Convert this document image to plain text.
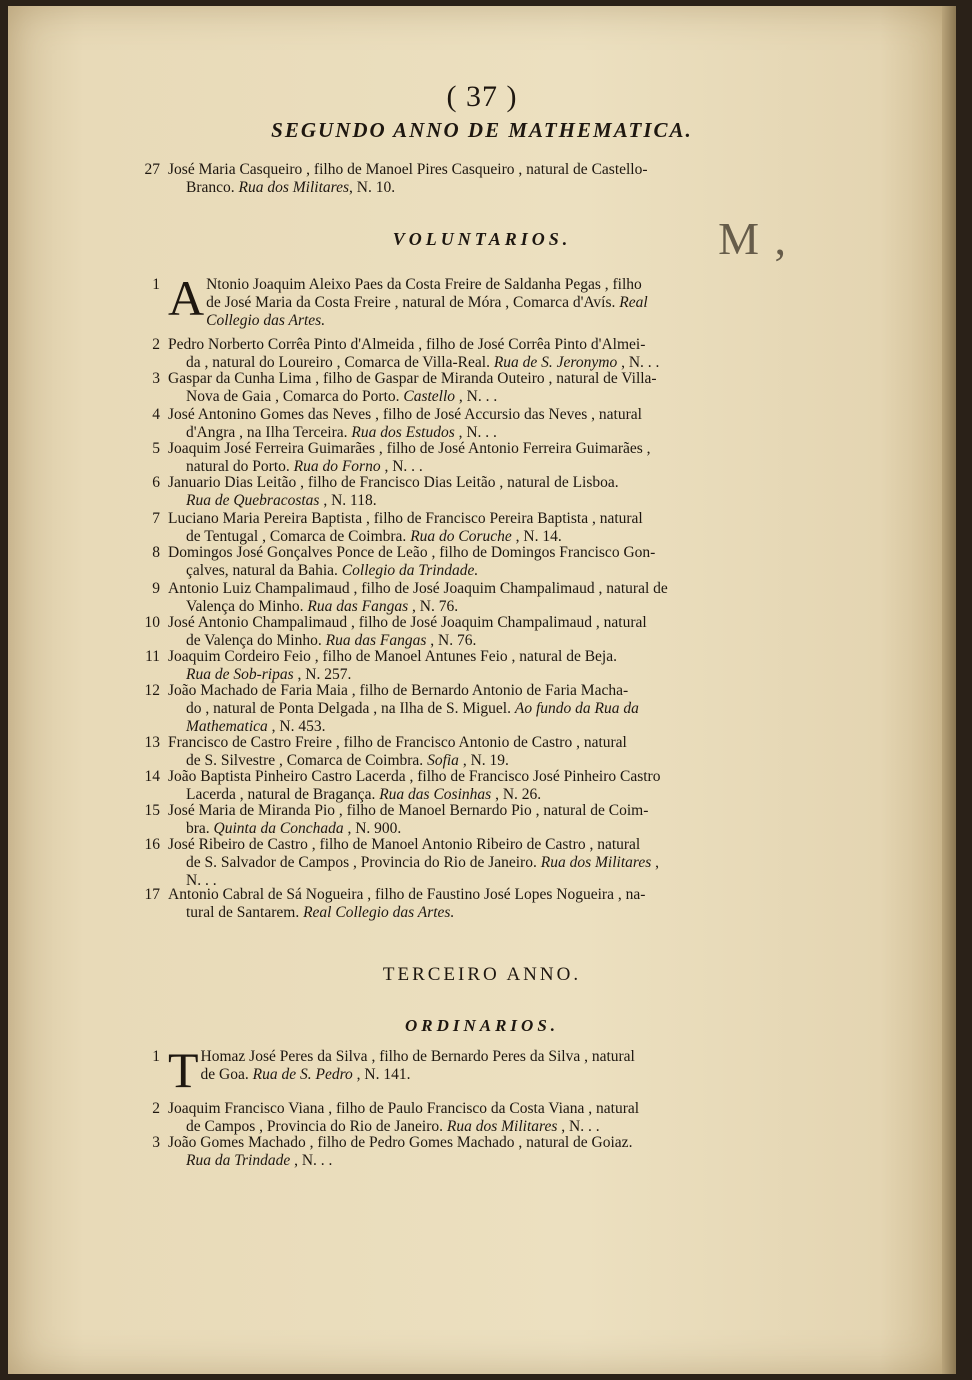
( 37 )
SEGUNDO ANNO DE MATHEMATICA.
27 José Maria Casqueiro , filho de Manoel Pires Casqueiro , natural de Castello-
Branco. Rua dos Militares, N. 10.
M ,
VOLUNTARIOS.
1 A Ntonio Joaquim Aleixo Paes da Costa Freire de Saldanha Pegas , filho
de José Maria da Costa Freire , natural de Móra , Comarca d'Avís. Real
Collegio das Artes.
2 Pedro Norberto Corrêa Pinto d'Almeida , filho de José Corrêa Pinto d'Almei-
da , natural do Loureiro , Comarca de Villa-Real. Rua de S. Jeronymo , N. . .
3 Gaspar da Cunha Lima , filho de Gaspar de Miranda Outeiro , natural de Villa-
Nova de Gaia , Comarca do Porto. Castello , N. . .
4 José Antonino Gomes das Neves , filho de José Accursio das Neves , natural
d'Angra , na Ilha Terceira. Rua dos Estudos , N. . .
5 Joaquim José Ferreira Guimarães , filho de José Antonio Ferreira Guimarães ,
natural do Porto. Rua do Forno , N. . .
6 Januario Dias Leitão , filho de Francisco Dias Leitão , natural de Lisboa.
Rua de Quebracostas , N. 118.
7 Luciano Maria Pereira Baptista , filho de Francisco Pereira Baptista , natural
de Tentugal , Comarca de Coimbra. Rua do Coruche , N. 14.
8 Domingos José Gonçalves Ponce de Leão , filho de Domingos Francisco Gon-
çalves, natural da Bahia. Collegio da Trindade.
9 Antonio Luiz Champalimaud , filho de José Joaquim Champalimaud , natural de
Valença do Minho. Rua das Fangas , N. 76.
10 José Antonio Champalimaud , filho de José Joaquim Champalimaud , natural
de Valença do Minho. Rua das Fangas , N. 76.
11 Joaquim Cordeiro Feio , filho de Manoel Antunes Feio , natural de Beja.
Rua de Sob-ripas , N. 257.
12 João Machado de Faria Maia , filho de Bernardo Antonio de Faria Macha-
do , natural de Ponta Delgada , na Ilha de S. Miguel. Ao fundo da Rua da
Mathematica , N. 453.
13 Francisco de Castro Freire , filho de Francisco Antonio de Castro , natural
de S. Silvestre , Comarca de Coimbra. Sofia , N. 19.
14 João Baptista Pinheiro Castro Lacerda , filho de Francisco José Pinheiro Castro
Lacerda , natural de Bragança. Rua das Cosinhas , N. 26.
15 José Maria de Miranda Pio , filho de Manoel Bernardo Pio , natural de Coim-
bra. Quinta da Conchada , N. 900.
16 José Ribeiro de Castro , filho de Manoel Antonio Ribeiro de Castro , natural
de S. Salvador de Campos , Provincia do Rio de Janeiro. Rua dos Militares ,
N. . .
17 Antonio Cabral de Sá Nogueira , filho de Faustino José Lopes Nogueira , na-
tural de Santarem. Real Collegio das Artes.
TERCEIRO ANNO.
ORDINARIOS.
1 T Homaz José Peres da Silva , filho de Bernardo Peres da Silva , natural
de Goa. Rua de S. Pedro , N. 141.
2 Joaquim Francisco Viana , filho de Paulo Francisco da Costa Viana , natural
de Campos , Provincia do Rio de Janeiro. Rua dos Militares , N. . .
3 João Gomes Machado , filho de Pedro Gomes Machado , natural de Goiaz.
Rua da Trindade , N. . .
